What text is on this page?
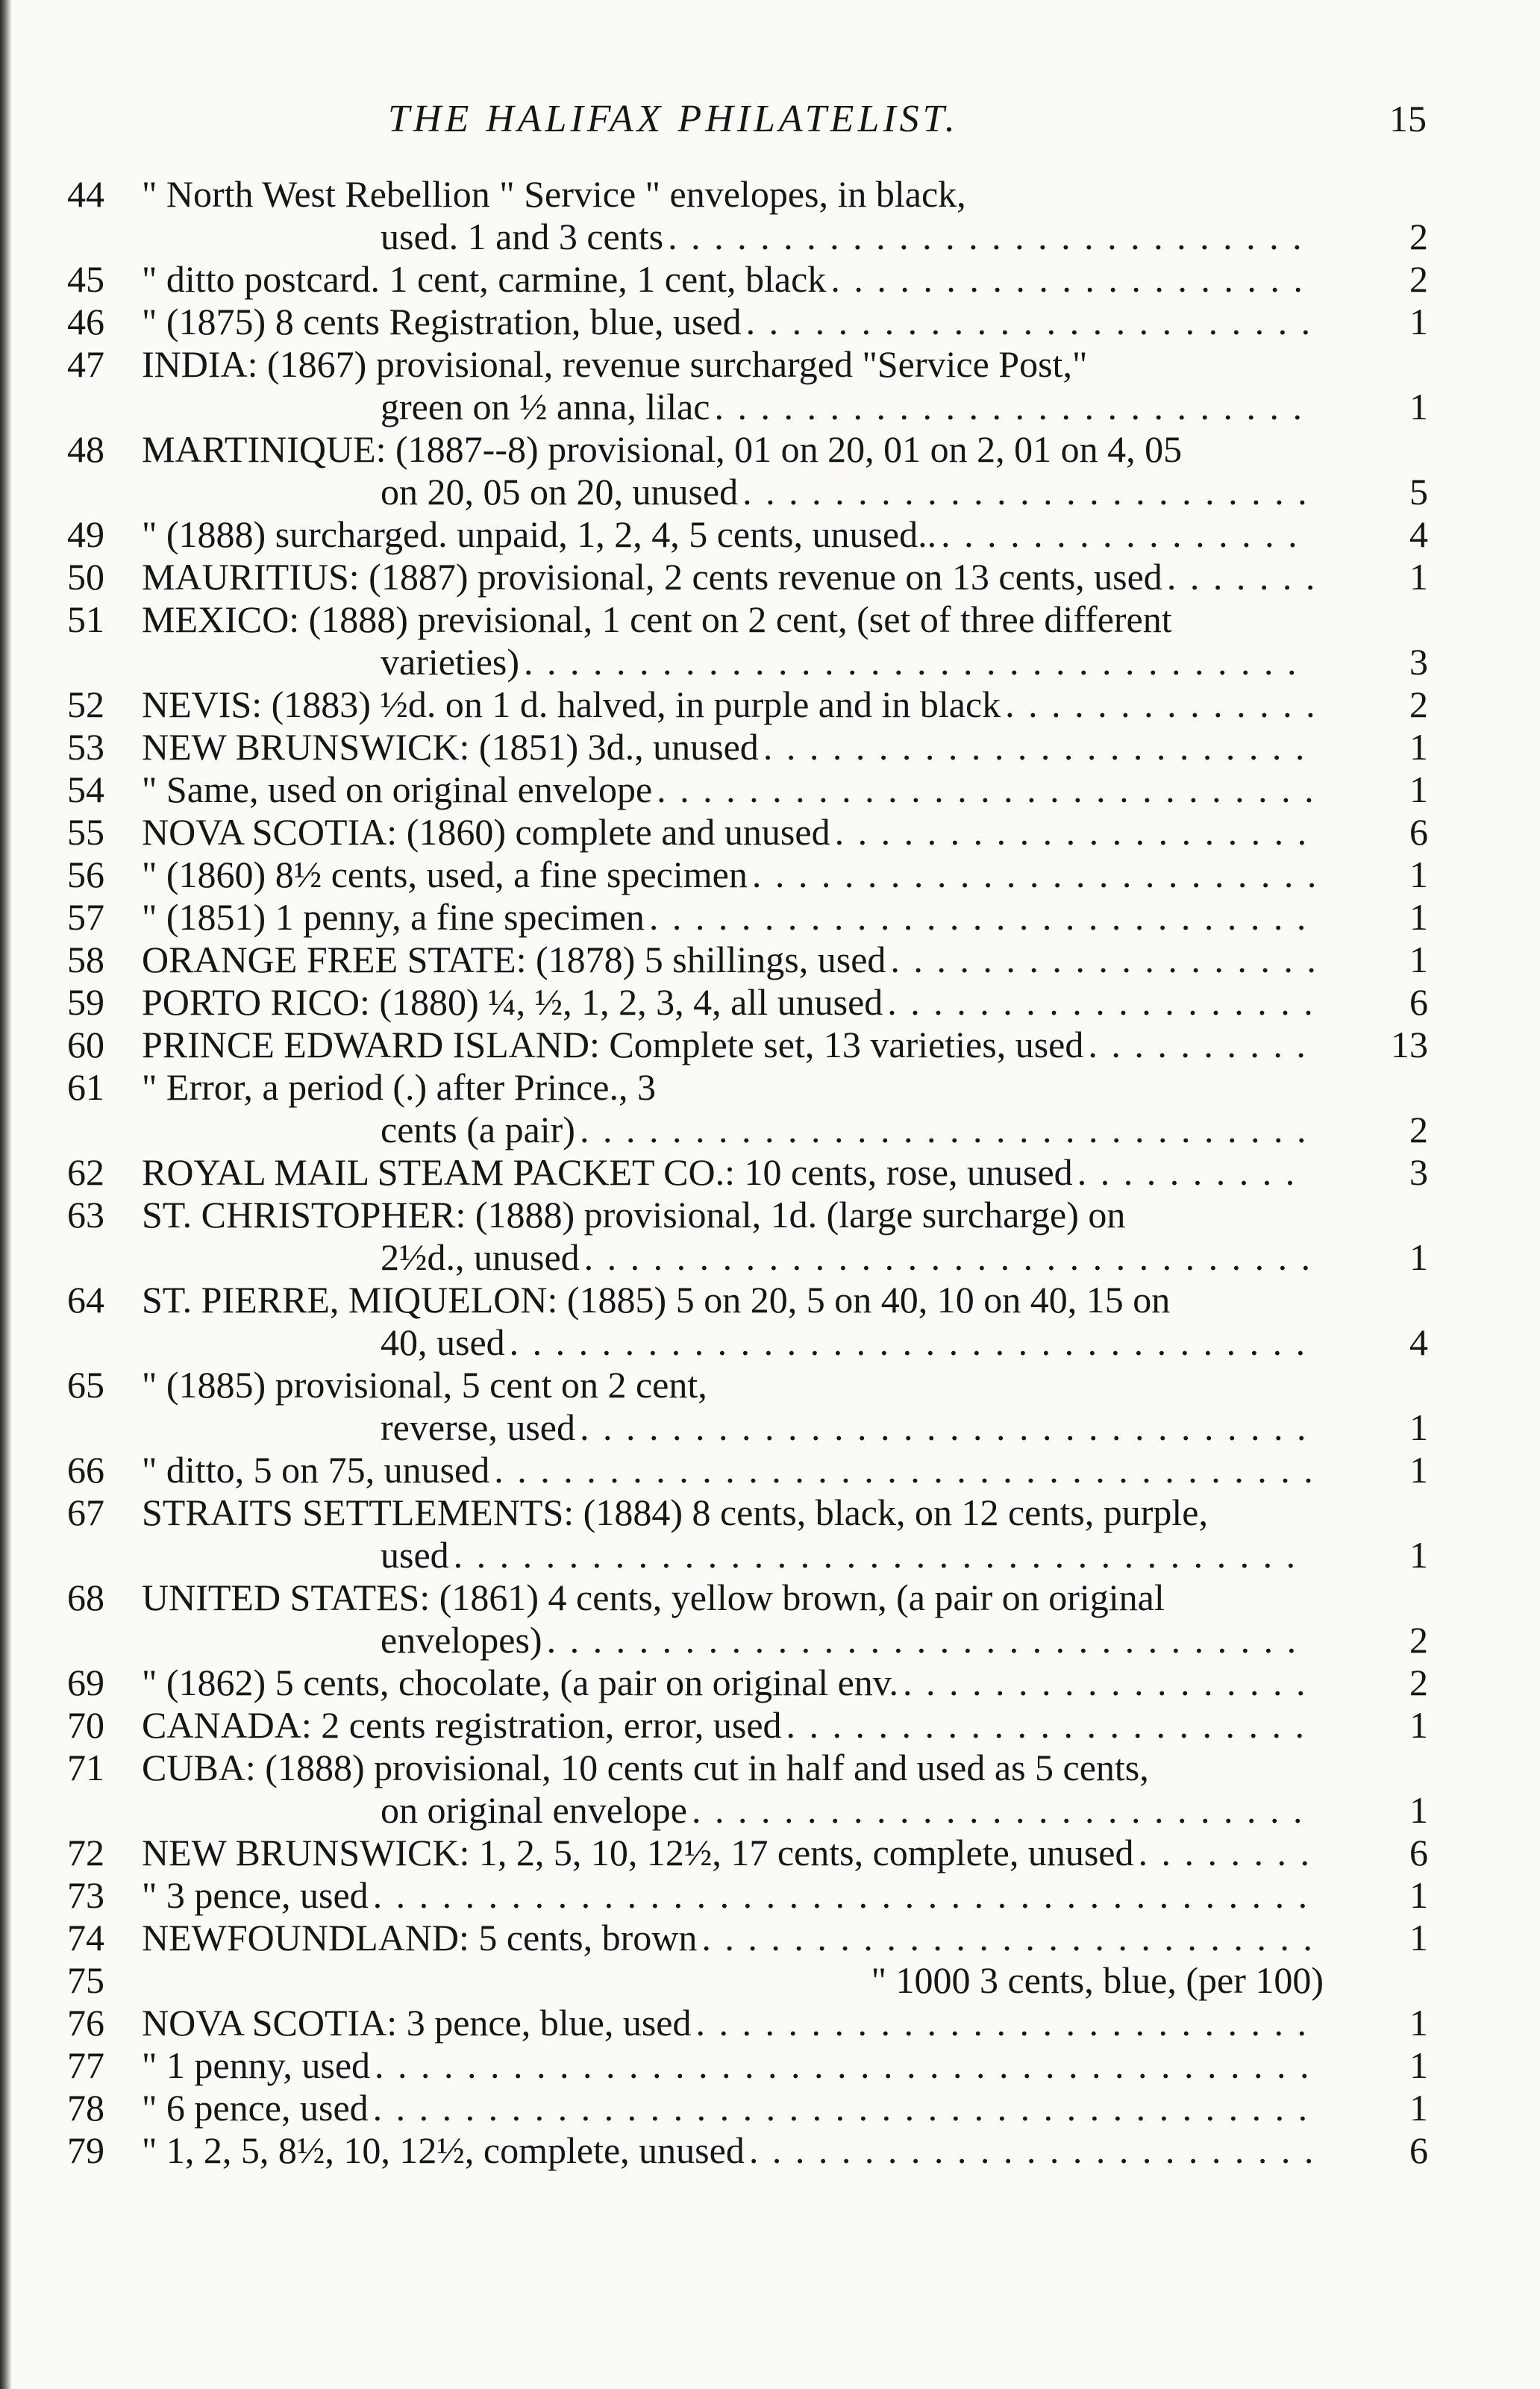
THE HALIFAX PHILATELIST.	15
44 " North West Rebellion " Service " envelopes, in black,
used. 1 and 3 cents . . . . . . . . . . . . . . . . . . . . . . . . . . . .	2
45 " ditto postcard. 1 cent, carmine, 1 cent, black . . . . . . . . . . . . . . . . . . . . .	2
46 " (1875) 8 cents Registration, blue, used . . . . . . . . . . . . . . . . . . . . . . . . .	1
47 INDIA: (1867) provisional, revenue surcharged "Service Post,"
green on ½ anna, lilac . . . . . . . . . . . . . . . . . . . . . . . . . .	1
48 MARTINIQUE: (1887--8) provisional, 01 on 20, 01 on 2, 01 on 4, 05
on 20, 05 on 20, unused . . . . . . . . . . . . . . . . . . . . . . . . .	5
49 " (1888) surcharged. unpaid, 1, 2, 4, 5 cents, unused.. . . . . . . . . . . . . . . . .	4
50 MAURITIUS: (1887) provisional, 2 cents revenue on 13 cents, used . . . . . . . 1
51 MEXICO: (1888) previsional, 1 cent on 2 cent, (set of three different
varieties) . . . . . . . . . . . . . . . . . . . . . . . . . . . . . . . . . .	3
52 NEVIS: (1883) ½d. on 1 d. halved, in purple and in black . . . . . . . . . . . . . . 2
53 NEW BRUNSWICK: (1851) 3d., unused . . . . . . . . . . . . . . . . . . . . . . . .	1
54 " Same, used on original envelope . . . . . . . . . . . . . . . . . . . . . . . . . . . . .	1
55 NOVA SCOTIA: (1860) complete and unused . . . . . . . . . . . . . . . . . . . . .	6
56 " (1860) 8½ cents, used, a fine specimen . . . . . . . . . . . . . . . . . . . . . . . . . 1
57 " (1851) 1 penny, a fine specimen . . . . . . . . . . . . . . . . . . . . . . . . . . . . .	1
58 ORANGE FREE STATE: (1878) 5 shillings, used . . . . . . . . . . . . . . . . . . . 1
59 PORTO RICO: (1880) ¼, ½, 1, 2, 3, 4, all unused . . . . . . . . . . . . . . . . . . .	6
60 PRINCE EDWARD ISLAND: Complete set, 13 varieties, used . . . . . . . . . . 13
61 " Error, a period (.) after Prince., 3
cents (a pair) . . . . . . . . . . . . . . . . . . . . . . . . . . . . . . . .	2
62 ROYAL MAIL STEAM PACKET CO.: 10 cents, rose, unused . . . . . . . . . .	3
63 ST. CHRISTOPHER: (1888) provisional, 1d. (large surcharge) on
2½d., unused . . . . . . . . . . . . . . . . . . . . . . . . . . . . . . . .	1
64 ST. PIERRE, MIQUELON: (1885) 5 on 20, 5 on 40, 10 on 40, 15 on
40, used . . . . . . . . . . . . . . . . . . . . . . . . . . . . . . . . . . .	4
65 " (1885) provisional, 5 cent on 2 cent,
reverse, used . . . . . . . . . . . . . . . . . . . . . . . . . . . . . . . .	1
66 " ditto, 5 on 75, unused . . . . . . . . . . . . . . . . . . . . . . . . . . . . . . . . . . . .	1
67 STRAITS SETTLEMENTS: (1884) 8 cents, black, on 12 cents, purple,
used . . . . . . . . . . . . . . . . . . . . . . . . . . . . . . . . . . . . .	1
68 UNITED STATES: (1861) 4 cents, yellow brown, (a pair on original
envelopes) . . . . . . . . . . . . . . . . . . . . . . . . . . . . . . . . .	2
69 " (1862) 5 cents, chocolate, (a pair on original env. . . . . . . . . . . . . . . . . . .	2
70 CANADA: 2 cents registration, error, used . . . . . . . . . . . . . . . . . . . . . . .	1
71 CUBA: (1888) provisional, 10 cents cut in half and used as 5 cents,
on original envelope . . . . . . . . . . . . . . . . . . . . . . . . . . .	1
72 NEW BRUNSWICK: 1, 2, 5, 10, 12½, 17 cents, complete, unused . . . . . . . .	6
73 " 3 pence, used . . . . . . . . . . . . . . . . . . . . . . . . . . . . . . . . . . . . . . . . .	1
74 NEWFOUNDLAND: 5 cents, brown . . . . . . . . . . . . . . . . . . . . . . . . . . .	1
75	" 1000 3 cents, blue, (per 100)
76 NOVA SCOTIA: 3 pence, blue, used . . . . . . . . . . . . . . . . . . . . . . . . . . .	1
77 " 1 penny, used . . . . . . . . . . . . . . . . . . . . . . . . . . . . . . . . . . . . . . . . .	1
78 " 6 pence, used . . . . . . . . . . . . . . . . . . . . . . . . . . . . . . . . . . . . . . . . .	1
79 " 1, 2, 5, 8½, 10, 12½, complete, unused . . . . . . . . . . . . . . . . . . . . . . . . .	6
